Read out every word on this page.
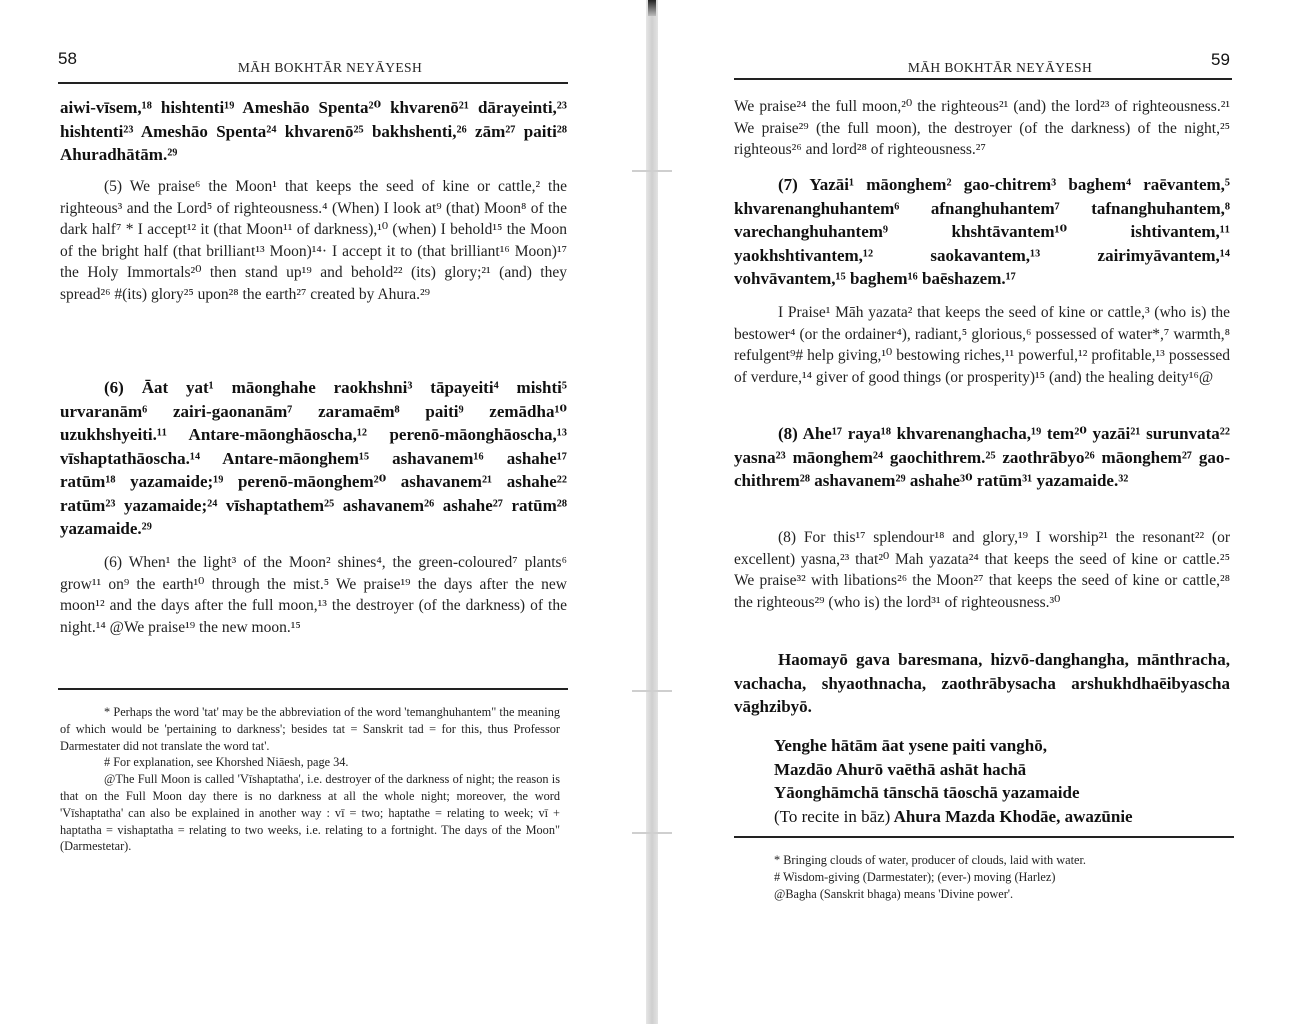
58	MĀH BOKHTĀR NEYĀYESH
aiwi-vīsem,¹⁸ hishtenti¹⁹ Ameshāo Spenta²⁰ khvarenō²¹ dārayeinti,²³ hishtenti²³ Ameshāo Spenta²⁴ khvarenō²⁵ bakhshenti,²⁶ zām²⁷ paiti²⁸ Ahuradhātām.²⁹
(5) We praise⁶ the Moon¹ that keeps the seed of kine or cattle,² the righteous³ and the Lord⁵ of righteousness.⁴ (When) I look at⁹ (that) Moon⁸ of the dark half⁷ * I accept¹² it (that Moon¹¹ of darkness),¹⁰ (when) I behold¹⁵ the Moon of the bright half (that brilliant¹³ Moon)¹⁴· I accept it to (that brilliant¹⁶ Moon)¹⁷ the Holy Immortals²⁰ then stand up¹⁹ and behold²² (its) glory;²¹ (and) they spread²⁶ #(its) glory²⁵ upon²⁸ the earth²⁷ created by Ahura.²⁹
(6) Āat yat¹ māonghahe raokhshni³ tāpayeiti⁴ mishti⁵ urvaranām⁶ zairi-gaonanām⁷ zaramaēm⁸ paiti⁹ zemādha¹⁰ uzukhshyeiti.¹¹ Antare-māonghāoscha,¹² perenō-māonghāoscha,¹³ vīshaptathāoscha.¹⁴ Antare-māonghem¹⁵ ashavanem¹⁶ ashahe¹⁷ ratūm¹⁸ yazamaide;¹⁹ perenō-māonghem²⁰ ashavanem²¹ ashahe²² ratūm²³ yazamaide;²⁴ vīshaptathem²⁵ ashavanem²⁶ ashahe²⁷ ratūm²⁸ yazamaide.²⁹
(6) When¹ the light³ of the Moon² shines⁴, the green-coloured⁷ plants⁶ grow¹¹ on⁹ the earth¹⁰ through the mist.⁵ We praise¹⁹ the days after the new moon¹² and the days after the full moon,¹³ the destroyer (of the darkness) of the night.¹⁴ @We praise¹⁹ the new moon.¹⁵
* Perhaps the word 'tat' may be the abbreviation of the word 'temanghuhantem" the meaning of which would be 'pertaining to darkness'; besides tat = Sanskrit tad = for this, thus Professor Darmestater did not translate the word tat'.
# For explanation, see Khorshed Niāesh, page 34.
@The Full Moon is called 'Vīshaptatha', i.e. destroyer of the darkness of night; the reason is that on the Full Moon day there is no darkness at all the whole night; moreover, the word 'Vīshaptatha' can also be explained in another way : vī = two; haptathe = relating to week; vī + haptatha = vishaptatha = relating to two weeks, i.e. relating to a fortnight. The days of the Moon" (Darmestetar).
MĀH BOKHTĀR NEYĀYESH	59
We praise²⁴ the full moon,²⁰ the righteous²¹ (and) the lord²³ of righteousness.²¹ We praise²⁹ (the full moon), the destroyer (of the darkness) of the night,²⁵ righteous²⁶ and lord²⁸ of righteousness.²⁷
(7) Yazāi¹ māonghem² gao-chitrem³ baghem⁴ raēvantem,⁵ khvarenanghuhantem⁶ afnanghuhantem⁷ tafnanghuhantem,⁸ varechanghuhantem⁹ khshtāvantem¹⁰ ishtivantem,¹¹ yaokhshtivantem,¹² saokavantem,¹³ zairimyāvantem,¹⁴ vohvāvantem,¹⁵ baghem¹⁶ baēshazem.¹⁷
I Praise¹ Māh yazata² that keeps the seed of kine or cattle,³ (who is) the bestower⁴ (or the ordainer⁴), radiant,⁵ glorious,⁶ possessed of water*,⁷ warmth,⁸ refulgent⁹# help giving,¹⁰ bestowing riches,¹¹ powerful,¹² profitable,¹³ possessed of verdure,¹⁴ giver of good things (or prosperity)¹⁵ (and) the healing deity¹⁶@
(8) Ahe¹⁷ raya¹⁸ khvarenanghacha,¹⁹ tem²⁰ yazāi²¹ surunvata²² yasna²³ māonghem²⁴ gaochithrem.²⁵ zaothrābyo²⁶ māonghem²⁷ gao-chithrem²⁸ ashavanem²⁹ ashahe³⁰ ratūm³¹ yazamaide.³²
(8) For this¹⁷ splendour¹⁸ and glory,¹⁹ I worship²¹ the resonant²² (or excellent) yasna,²³ that²⁰ Mah yazata²⁴ that keeps the seed of kine or cattle.²⁵ We praise³² with libations²⁶ the Moon²⁷ that keeps the seed of kine or cattle,²⁸ the righteous²⁹ (who is) the lord³¹ of righteousness.³⁰
Haomayō gava baresmana, hizvō-danghangha, mānthracha, vachacha, shyaothnacha, zaothrābysacha arshukhdhaēibyascha vāghzibyō.
Yenghe hātām āat ysene paiti vanghō,
Mazdāo Ahurō vaēthā ashāt hachā
Yāonghāmchā tānschā tāoschā yazamaide
(To recite in bāz) Ahura Mazda Khodāe, awazūnie
* Bringing clouds of water, producer of clouds, laid with water.
# Wisdom-giving (Darmestater); (ever-) moving (Harlez)
@Bagha (Sanskrit bhaga) means 'Divine power'.
